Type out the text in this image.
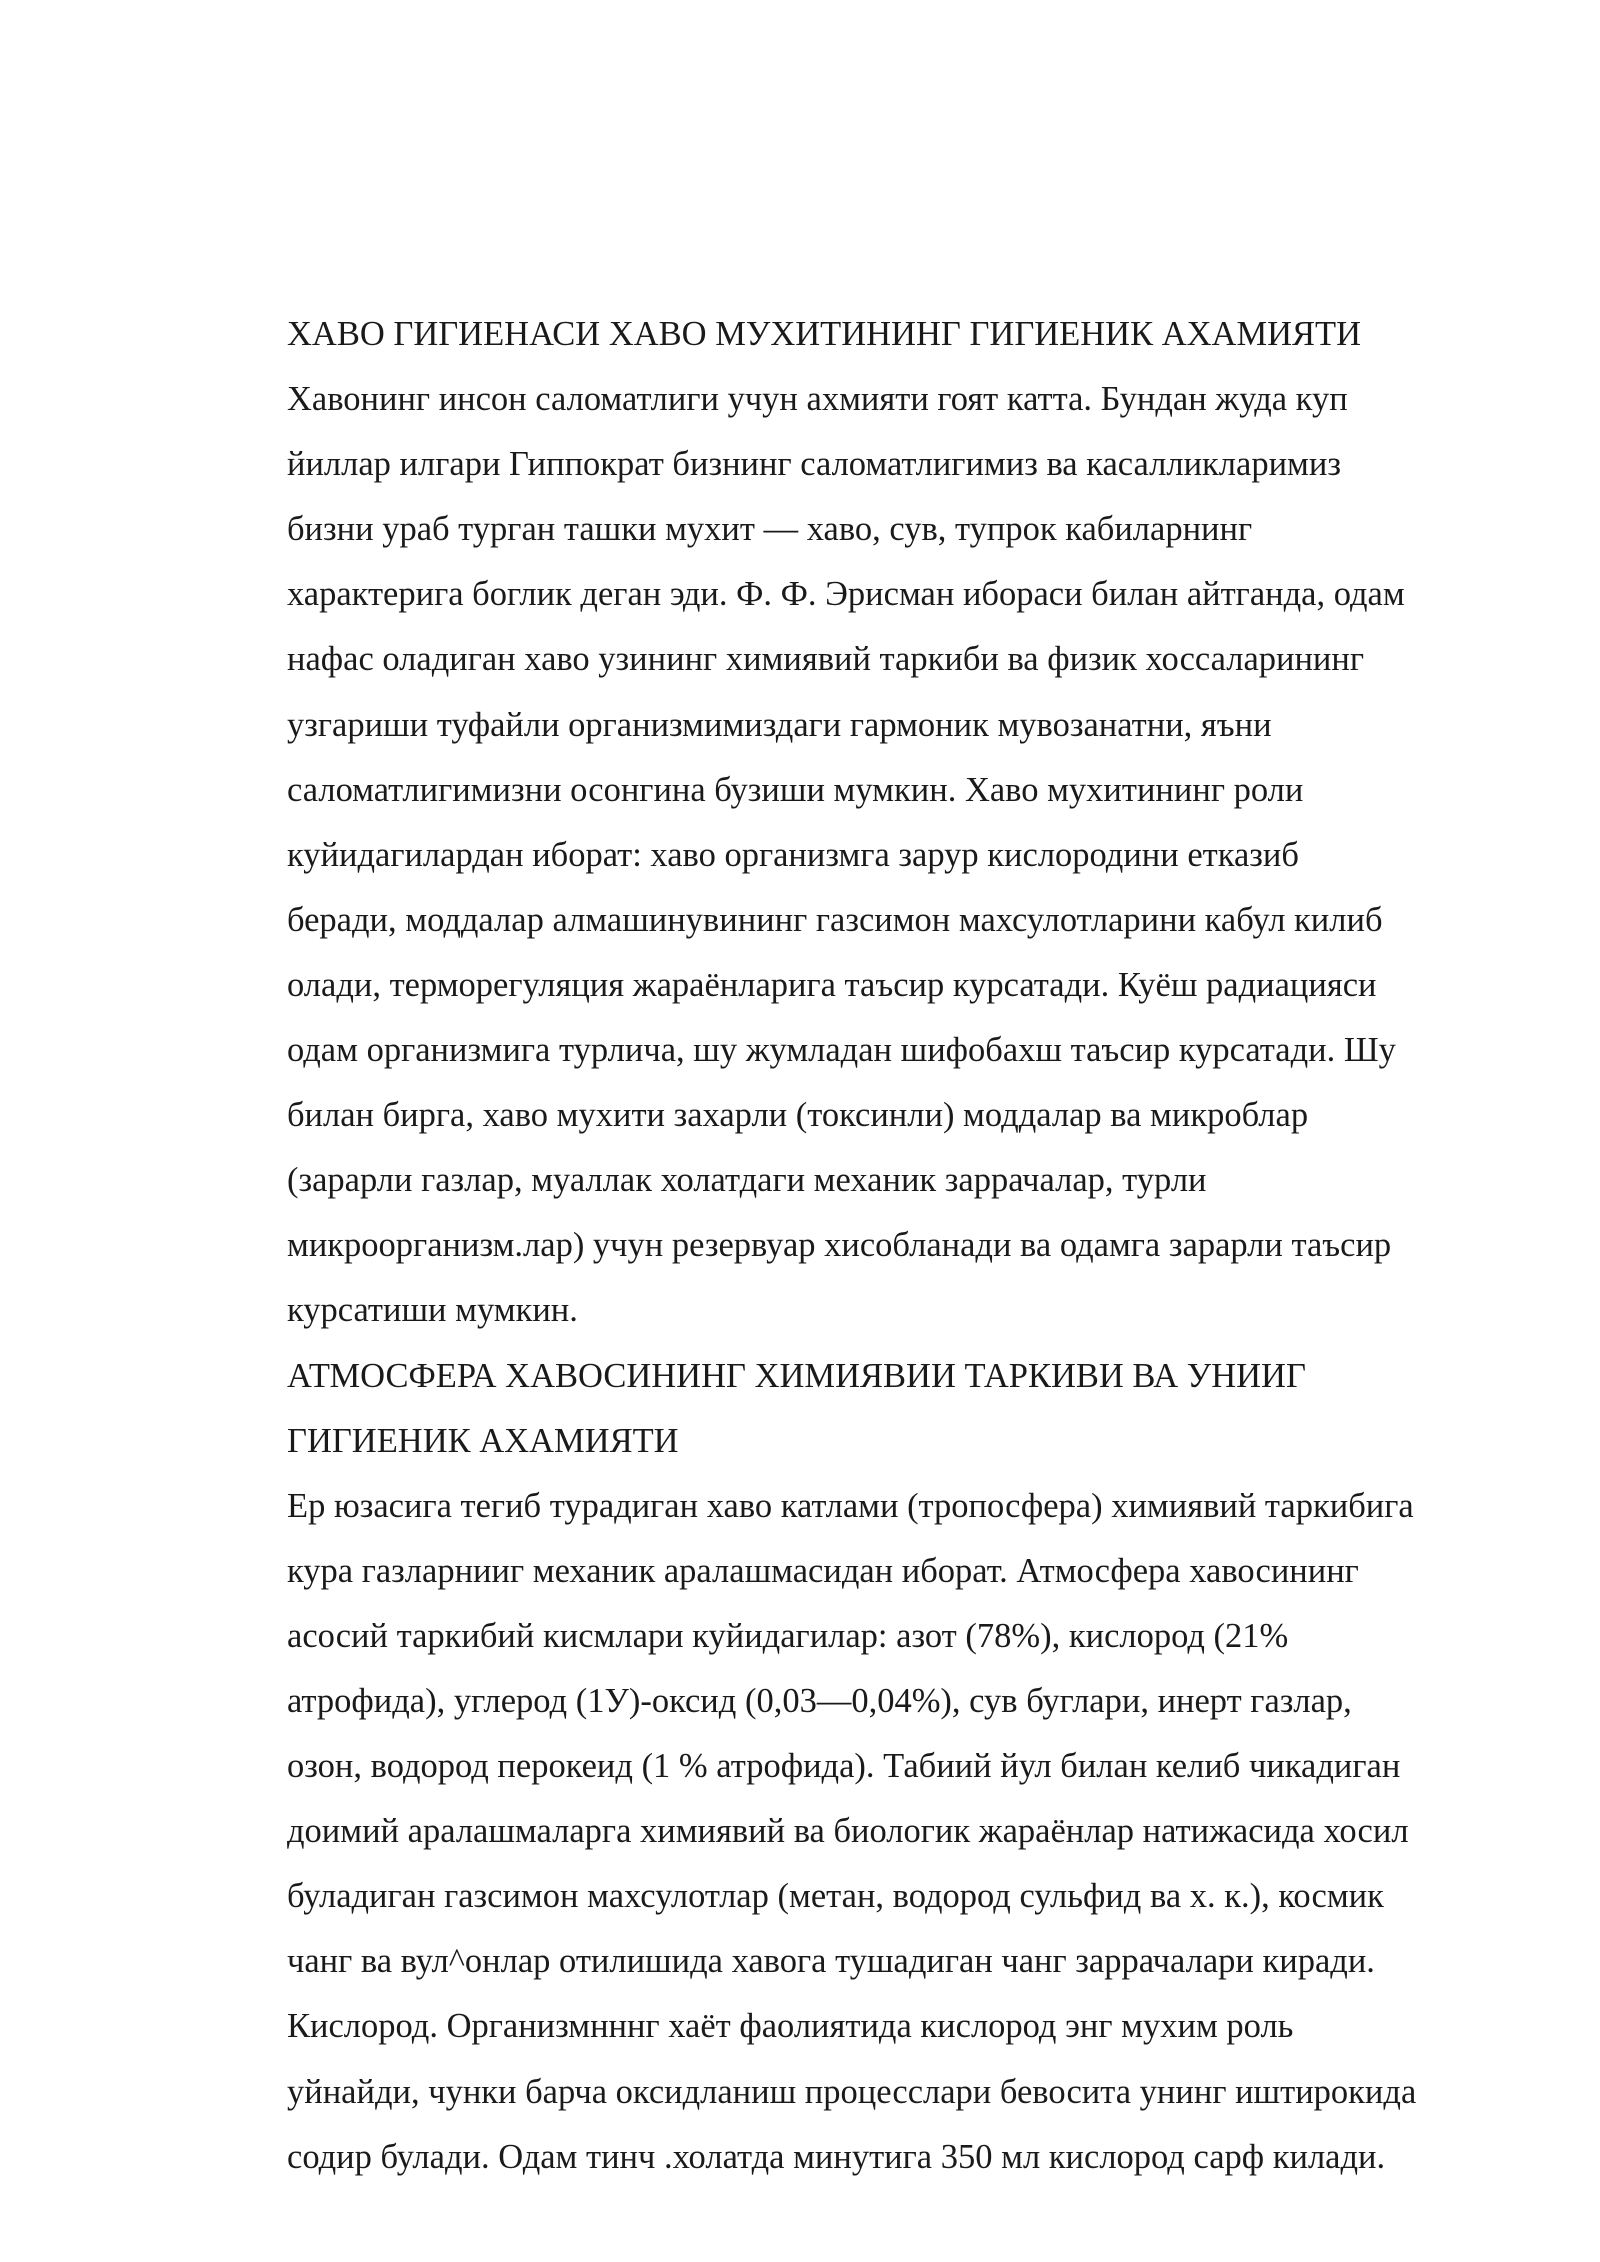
ХАВО ГИГИЕНАСИ ХАВО МУХИТИНИНГ ГИГИЕНИК АХАМИЯТИ
Хавонинг инсон саломатлиги учун ахмияти гоят катта. Бундан жуда куп
йиллар илгари Гиппократ бизнинг саломатлигимиз ва касалликларимиз
бизни ураб турган ташки мухит — хаво, сув, тупрок кабиларнинг
характерига боглик деган эди. Ф. Ф. Эрисман ибораси билан айтганда, одам
нафас оладиган хаво узининг химиявий таркиби ва физик хоссаларининг
узгариши туфайли организмимиздаги гармоник мувозанатни, яъни
саломатлигимизни осонгина бузиши мумкин. Хаво мухитининг роли
куйидагилардан иборат: хаво организмга зарур кислородини етказиб
беради, моддалар алмашинувининг газсимон махсулотларини кабул килиб
олади, терморегуляция жараёнларига таъсир курсатади. Куёш радиацияси
одам организмига турлича, шу жумладан шифобахш таъсир курсатади. Шу
билан бирга, хаво мухити захарли (токсинли) моддалар ва микроблар
(зарарли газлар, муаллак холатдаги механик заррачалар, турли
микроорганизм.лар) учун резервуар хисобланади ва одамга зарарли таъсир
курсатиши мумкин.
АТМОСФЕРА ХАВОСИНИНГ ХИМИЯВИИ ТАРКИВИ ВА УНИИГ
ГИГИЕНИК АХАМИЯТИ
Ер юзасига тегиб турадиган хаво катлами (тропосфера) химиявий таркибига
кура газларнииг механик аралашмасидан иборат. Атмосфера хавосининг
асосий таркибий кисмлари куйидагилар: азот (78%), кислород (21%
атрофида), углерод (1У)-оксид (0,03—0,04%), сув буглари, инерт газлар,
озон, водород перокеид (1 % атрофида). Табиий йул билан келиб чикадиган
доимий аралашмаларга химиявий ва биологик жараёнлар натижасида хосил
буладиган газсимон махсулотлар (метан, водород сульфид ва х. к.), космик
чанг ва вул^онлар отилишида хавога тушадиган чанг заррачалари киради.
Кислород. Организмнннг хаёт фаолиятида кислород энг мухим роль
уйнайди, чунки барча оксидланиш процесслари бевосита унинг иштирокида
содир булади. Одам тинч .холатда минутига 350 мл кислород сарф килади.
